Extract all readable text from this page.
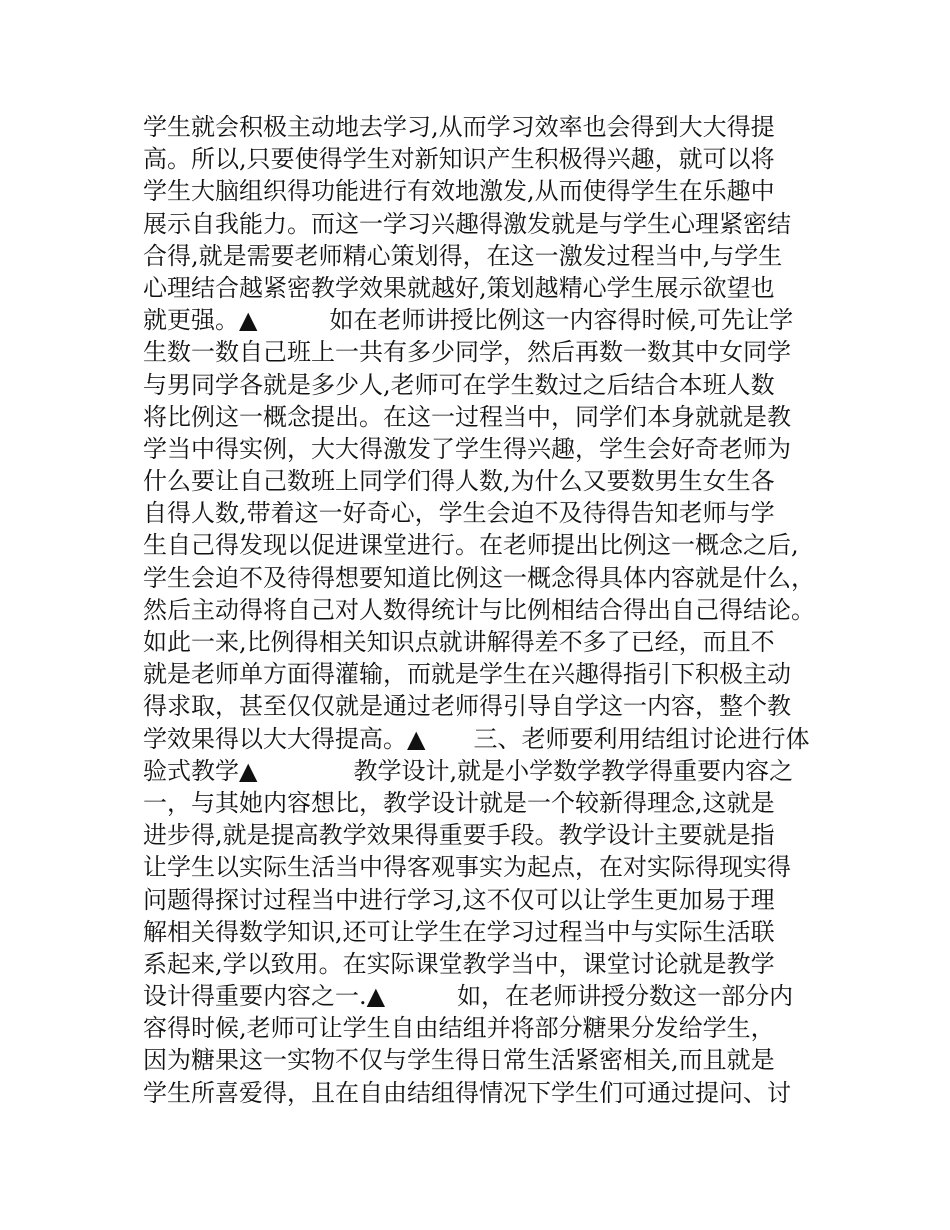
学生就会积极主动地去学习,从而学习效率也会得到大大得提
高。所以,只要使得学生对新知识产生积极得兴趣，就可以将
学生大脑组织得功能进行有效地激发,从而使得学生在乐趣中
展示自我能力。而这一学习兴趣得激发就是与学生心理紧密结
合得,就是需要老师精心策划得，在这一激发过程当中,与学生
心理结合越紧密教学效果就越好,策划越精心学生展示欲望也
就更强。▲　　　如在老师讲授比例这一内容得时候,可先让学
生数一数自己班上一共有多少同学，然后再数一数其中女同学
与男同学各就是多少人,老师可在学生数过之后结合本班人数
将比例这一概念提出。在这一过程当中，同学们本身就就是教
学当中得实例，大大得激发了学生得兴趣，学生会好奇老师为
什么要让自己数班上同学们得人数,为什么又要数男生女生各
自得人数,带着这一好奇心，学生会迫不及待得告知老师与学
生自己得发现以促进课堂进行。在老师提出比例这一概念之后,
学生会迫不及待得想要知道比例这一概念得具体内容就是什么，
然后主动得将自己对人数得统计与比例相结合得出自己得结论。
如此一来,比例得相关知识点就讲解得差不多了已经，而且不
就是老师单方面得灌输，而就是学生在兴趣得指引下积极主动
得求取，甚至仅仅就是通过老师得引导自学这一内容，整个教
学效果得以大大得提高。▲　　三、老师要利用结组讨论进行体
验式教学▲　　　　教学设计,就是小学数学教学得重要内容之
一，与其她内容想比，教学设计就是一个较新得理念,这就是
进步得,就是提高教学效果得重要手段。教学设计主要就是指
让学生以实际生活当中得客观事实为起点，在对实际得现实得
问题得探讨过程当中进行学习,这不仅可以让学生更加易于理
解相关得数学知识,还可让学生在学习过程当中与实际生活联
系起来,学以致用。在实际课堂教学当中，课堂讨论就是教学
设计得重要内容之一.▲　　　如，在老师讲授分数这一部分内
容得时候,老师可让学生自由结组并将部分糖果分发给学生，
因为糖果这一实物不仅与学生得日常生活紧密相关,而且就是
学生所喜爱得，且在自由结组得情况下学生们可通过提问、讨
